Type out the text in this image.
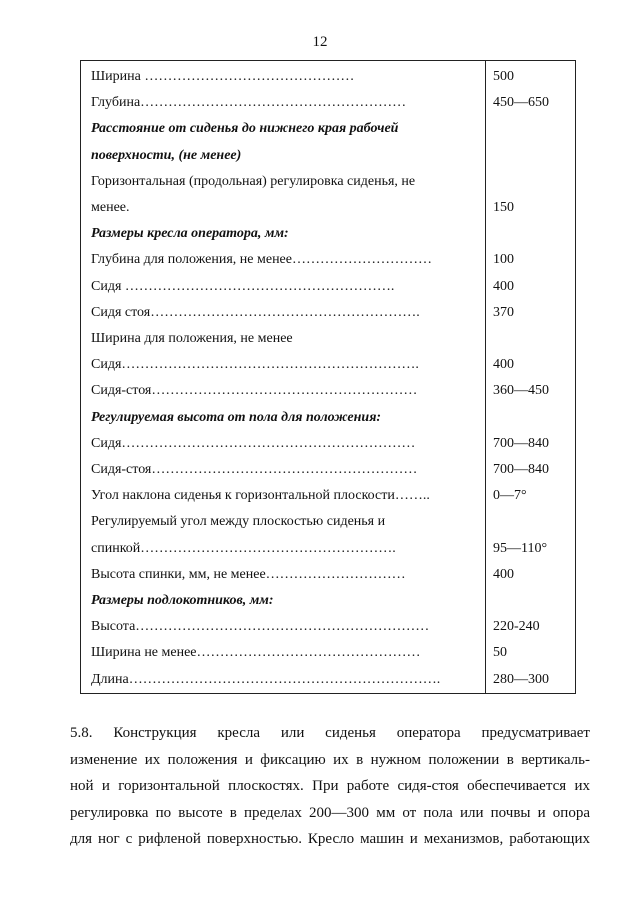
12
Ширина ………………………………………	500
Глубина…………………………………………………	450—650
Расстояние от сиденья до нижнего края рабочей
поверхности, (не менее)
Горизонтальная (продольная) регулировка сиденья, не
менее.	150
Размеры кресла оператора, мм:
Глубина для положения, не менее…………………………	100
Сидя ………………………………………………….	400
Сидя стоя………………………………………………….	370
Ширина для положения, не менее
Сидя……………………………………………………….	400
Сидя-стоя…………………………………………………	360—450
Регулируемая высота от пола для положения:
Сидя………………………………………………………	700—840
Сидя-стоя…………………………………………………	700—840
Угол наклона сиденья к горизонтальной плоскости……..	0—7°
Регулируемый угол между плоскостью сиденья и
спинкой……………………………………………….	95—110°
Высота спинки, мм, не менее…………………………	400
Размеры подлокотников, мм:
Высота………………………………………………………	220-240
Ширина не менее…………………………………………	50
Длина………………………………………………………….	280—300
5.8. Конструкция кресла или сиденья оператора предусматривает
изменение их положения и фиксацию их в нужном положении в вертикаль-
ной и горизонтальной плоскостях. При работе сидя-стоя обеспечивается их
регулировка по высоте в пределах 200—300 мм от пола или почвы и опора
для ног с рифленой поверхностью. Кресло машин и механизмов, работающих
